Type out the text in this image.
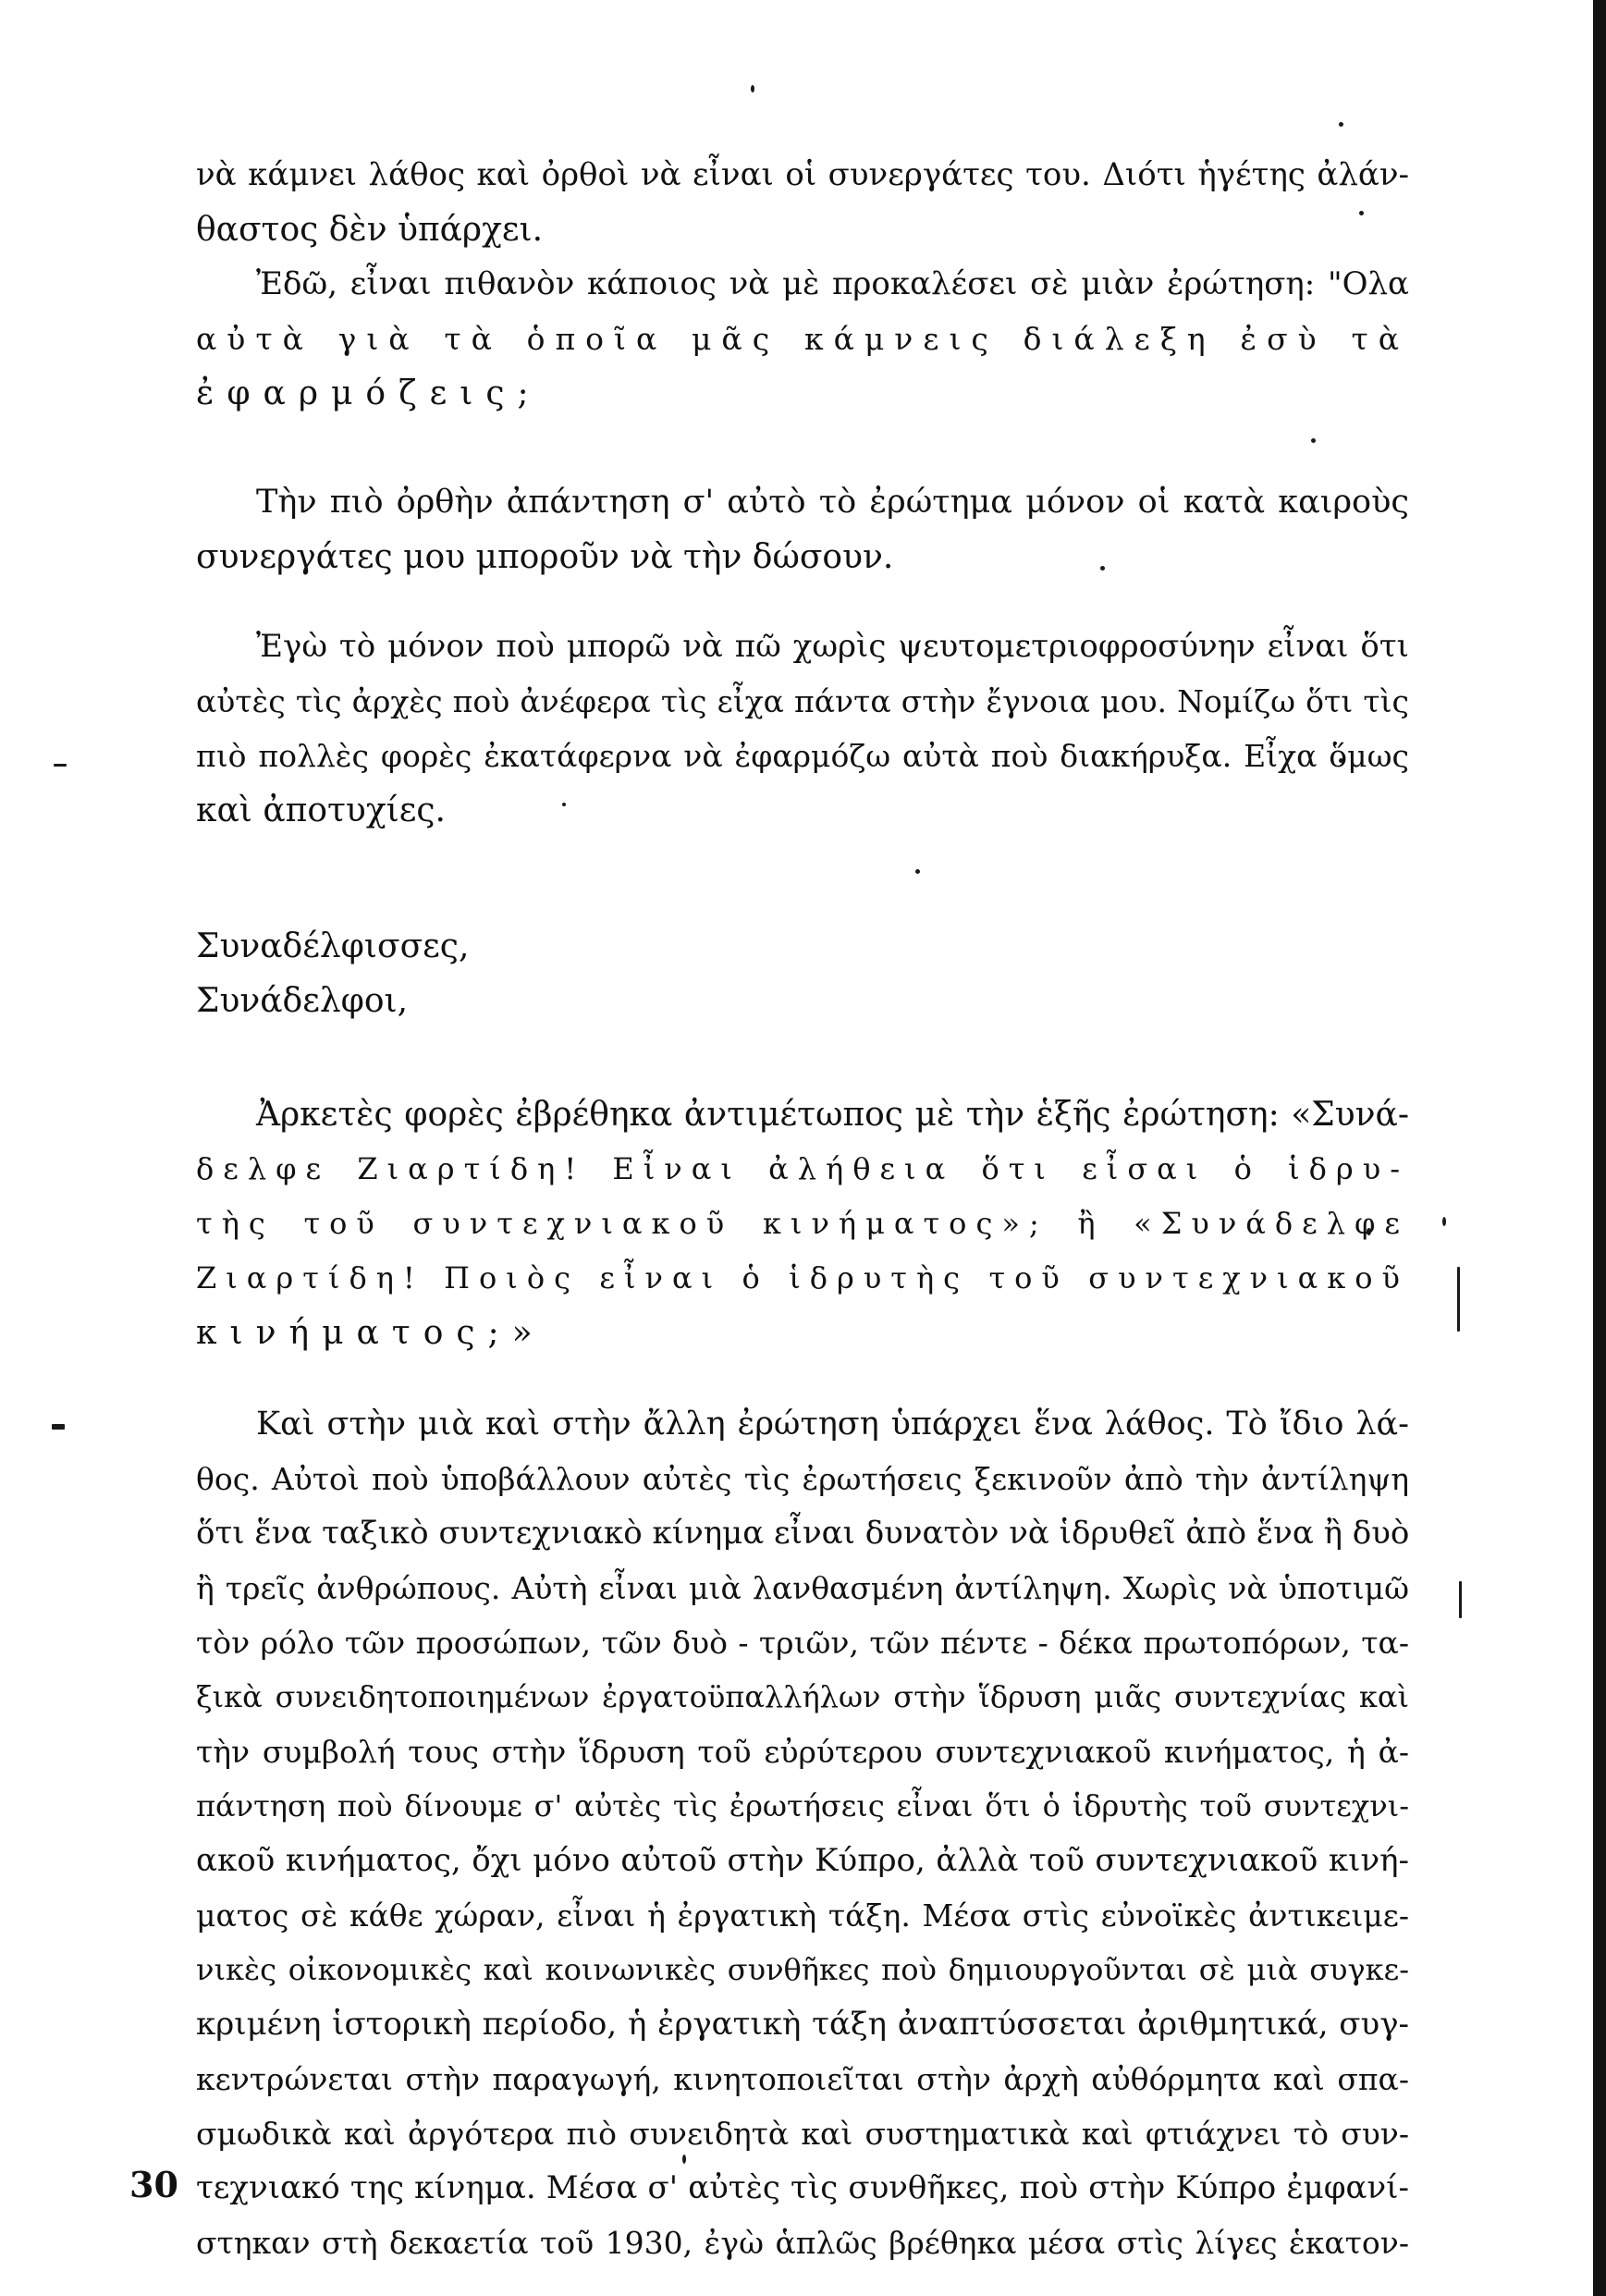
νὰ κάμνει λάθος καὶ ὀρθοὶ νὰ εἶναι οἱ συνεργάτες του. Διότι ἡγέτης ἀλάν-
θαστος δὲν ὑπάρχει.
Ἐδῶ, εἶναι πιθανὸν κάποιος νὰ μὲ προκαλέσει σὲ μιὰν ἐρώτηση: "Ολα
αὐτὰ γιὰ τὰ ὁποῖα μᾶς κάμνεις διάλεξη ἐσὺ τὰ
ἐφαρμόζεις;
Τὴν πιὸ ὀρθὴν ἀπάντηση σ' αὐτὸ τὸ ἐρώτημα μόνον οἱ κατὰ καιροὺς
συνεργάτες μου μποροῦν νὰ τὴν δώσουν.
Ἐγὼ τὸ μόνον ποὺ μπορῶ νὰ πῶ χωρὶς ψευτομετριοφροσύνην εἶναι ὅτι
αὐτὲς τὶς ἀρχὲς ποὺ ἀνέφερα τὶς εἶχα πάντα στὴν ἔγνοια μου. Νομίζω ὅτι τὶς
πιὸ πολλὲς φορὲς ἐκατάφερνα νὰ ἐφαρμόζω αὐτὰ ποὺ διακήρυξα. Εἶχα ὅμως
καὶ ἀποτυχίες.
Συναδέλφισσες,
Συνάδελφοι,
Ἀρκετὲς φορὲς ἐβρέθηκα ἀντιμέτωπος μὲ τὴν ἑξῆς ἐρώτηση: «Συνά-
δελφε Ζιαρτίδη! Εἶναι ἀλήθεια ὅτι εἶσαι ὁ ἱδρυ-
τὴς τοῦ συντεχνιακοῦ κινήματος»; ἢ «Συνάδελφε
Ζιαρτίδη! Ποιὸς εἶναι ὁ ἱδρυτὴς τοῦ συντεχνιακοῦ
κινήματος;»
Καὶ στὴν μιὰ καὶ στὴν ἄλλη ἐρώτηση ὑπάρχει ἕνα λάθος. Τὸ ἴδιο λά-
θος. Αὐτοὶ ποὺ ὑποβάλλουν αὐτὲς τὶς ἐρωτήσεις ξεκινοῦν ἀπὸ τὴν ἀντίληψη
ὅτι ἕνα ταξικὸ συντεχνιακὸ κίνημα εἶναι δυνατὸν νὰ ἱδρυθεῖ ἀπὸ ἕνα ἢ δυὸ
ἢ τρεῖς ἀνθρώπους. Αὐτὴ εἶναι μιὰ λανθασμένη ἀντίληψη. Χωρὶς νὰ ὑποτιμῶ
τὸν ρόλο τῶν προσώπων, τῶν δυὸ - τριῶν, τῶν πέντε - δέκα πρωτοπόρων, τα-
ξικὰ συνειδητοποιημένων ἐργατοϋπαλλήλων στὴν ἵδρυση μιᾶς συντεχνίας καὶ
τὴν συμβολή τους στὴν ἵδρυση τοῦ εὐρύτερου συντεχνιακοῦ κινήματος, ἡ ἀ-
πάντηση ποὺ δίνουμε σ' αὐτὲς τὶς ἐρωτήσεις εἶναι ὅτι ὁ ἱδρυτὴς τοῦ συντεχνι-
ακοῦ κινήματος, ὄχι μόνο αὐτοῦ στὴν Κύπρο, ἀλλὰ τοῦ συντεχνιακοῦ κινή-
ματος σὲ κάθε χώραν, εἶναι ἡ ἐργατικὴ τάξη. Μέσα στὶς εὐνοϊκὲς ἀντικειμε-
νικὲς οἰκονομικὲς καὶ κοινωνικὲς συνθῆκες ποὺ δημιουργοῦνται σὲ μιὰ συγκε-
κριμένη ἱστορικὴ περίοδο, ἡ ἐργατικὴ τάξη ἀναπτύσσεται ἀριθμητικά, συγ-
κεντρώνεται στὴν παραγωγή, κινητοποιεῖται στὴν ἀρχὴ αὐθόρμητα καὶ σπα-
σμωδικὰ καὶ ἀργότερα πιὸ συνειδητὰ καὶ συστηματικὰ καὶ φτιάχνει τὸ συν-
τεχνιακό της κίνημα. Μέσα σ' αὐτὲς τὶς συνθῆκες, ποὺ στὴν Κύπρο ἐμφανί-
στηκαν στὴ δεκαετία τοῦ 1930, ἐγὼ ἁπλῶς βρέθηκα μέσα στὶς λίγες ἑκατον-
30
